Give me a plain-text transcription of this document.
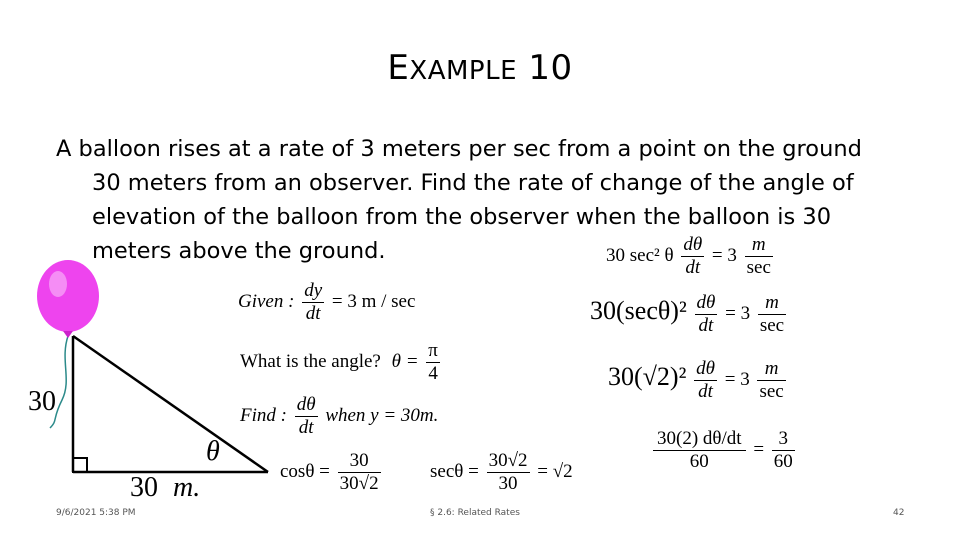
EXAMPLE 10
A balloon rises at a rate of 3 meters per sec from a point on the ground
30 meters from an observer. Find the rate of change of the angle of
elevation of the balloon from the observer when the balloon is 30
meters above the ground.
30
θ
30 m.
Given : $\frac{dy}{dt} = 3$ m / sec
What is the angle? $\theta = \frac{\pi}{4}$
Find : $\frac{d\theta}{dt}$ when y = 30m.
$\cos\theta = \frac{30}{30√2}$	$\sec\theta = \frac{30√2}{30} = √2$
30 sec² θ $\frac{d\theta}{dt} = 3 \frac{m}{\sec}$
$30(\sec\theta)^2 \frac{d\theta}{dt} = 3 \frac{m}{\sec}$
$30(√2)^2 \frac{d\theta}{dt} = 3 \frac{m}{\sec}$
$\frac{30(2) d\theta/dt}{60} = \frac{3}{60}$
9/6/2021 5:38 PM	§ 2.6: Related Rates	42
